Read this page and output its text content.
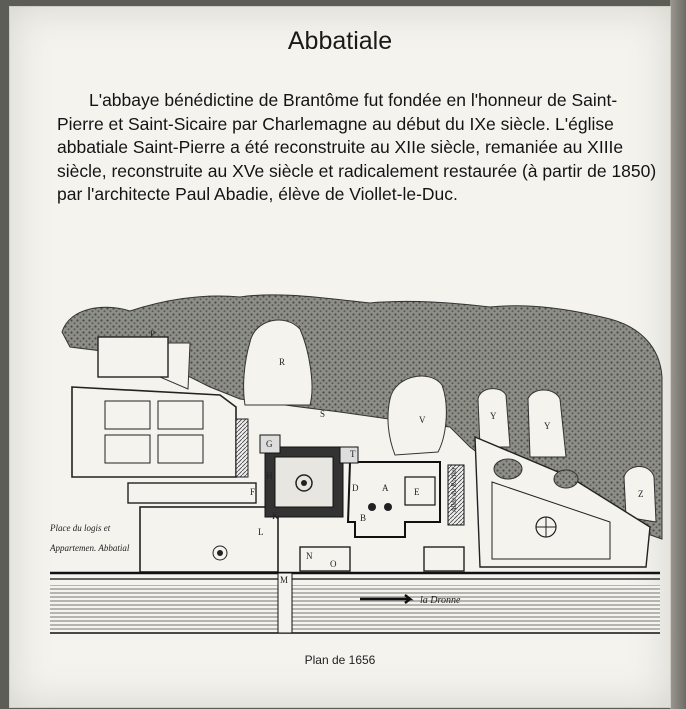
Abbatiale
L'abbaye bénédictine de Brantôme fut fondée en l'honneur de Saint-Pierre et Saint-Sicaire par Charlemagne au début du IXe siècle. L'église abbatiale Saint-Pierre a été reconstruite au XIIe siècle, remaniée au XIIIe siècle, reconstruite au XVe siècle et radicalement restaurée (à partir de 1850) par l'architecte Paul Abadie, élève de Viollet-le-Duc.
Place du logis et
Appartemen. Abbatial
la Dronne
Allée du Rocher
R
V	Y
Y
Z
S
T
G
H
A
B
D	E
F
K
L
M
N
O
P
Plan de 1656
